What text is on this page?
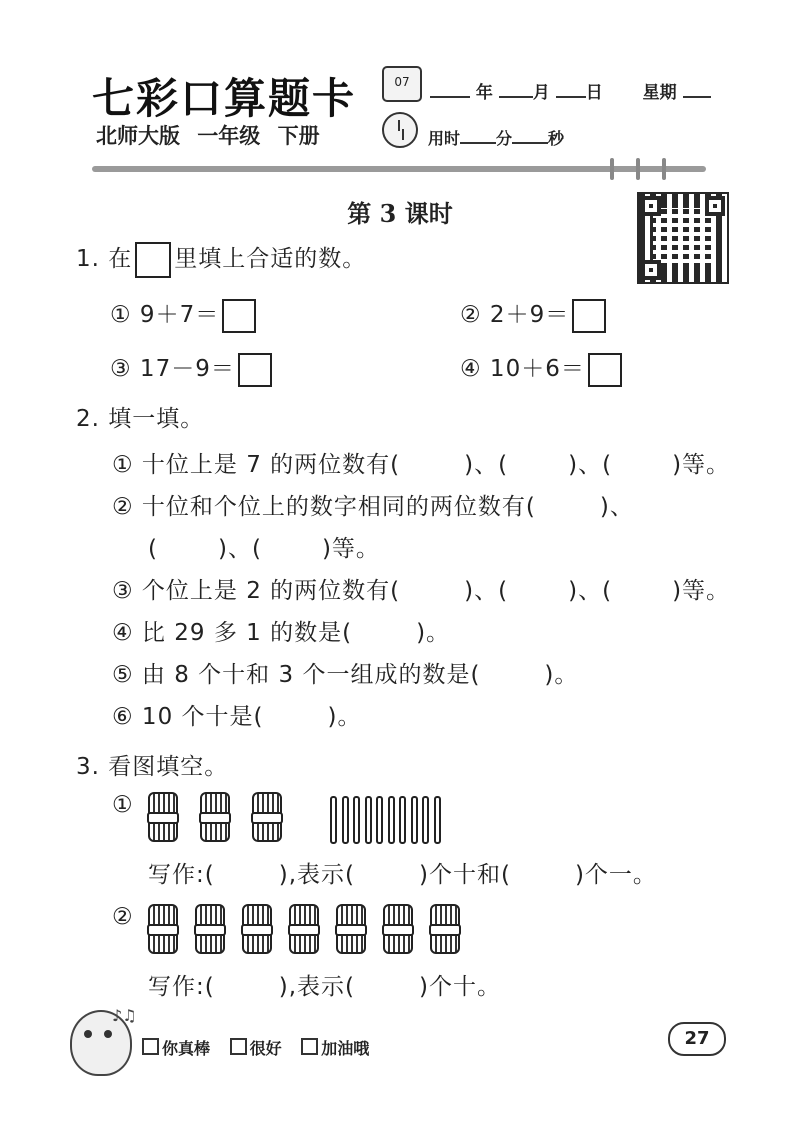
七彩口算题卡	07
年 月 日 星期
北师大版 一年级 下册	用时 分 秒
第 3 课时
1. 在 里填上合适的数。
① 9＋7＝	② 2＋9＝
③ 17－9＝	④ 10＋6＝
2. 填一填。
① 十位上是 7 的两位数有(	)、(	)、(	)等。
② 十位和个位上的数字相同的两位数有(	)、
(	)、(	)等。
③ 个位上是 2 的两位数有(	)、(	)、(	)等。
④ 比 29 多 1 的数是(	)。
⑤ 由 8 个十和 3 个一组成的数是(	)。
⑥ 10 个十是(	)。
3. 看图填空。
①
写作:(	),表示(	)个十和(	)个一。
②
写作:(	),表示(	)个十。
♪♫
你真棒 很好 加油哦	27
